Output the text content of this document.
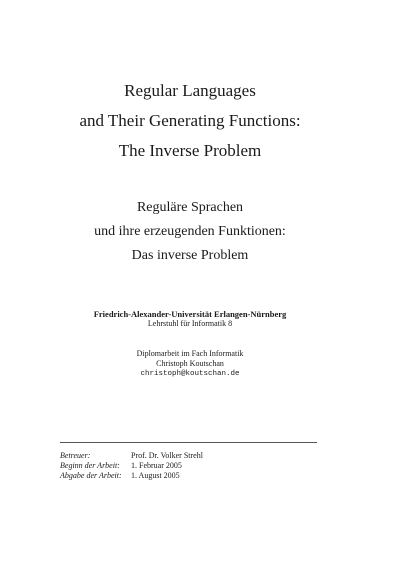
Regular Languages

and Their Generating Functions:

The Inverse Problem

Reguläre Sprachen

und ihre erzeugenden Funktionen:

Das inverse Problem

Friedrich-Alexander-Universität Erlangen-Nürnberg

Lehrstuhl für Informatik 8

Diplomarbeit im Fach Informatik

Christoph Koutschan

christoph@koutschan.de

Betreuer:	Prof. Dr. Volker Strehl
Beginn der Arbeit:	1. Februar 2005
Abgabe der Arbeit:	1. August 2005
